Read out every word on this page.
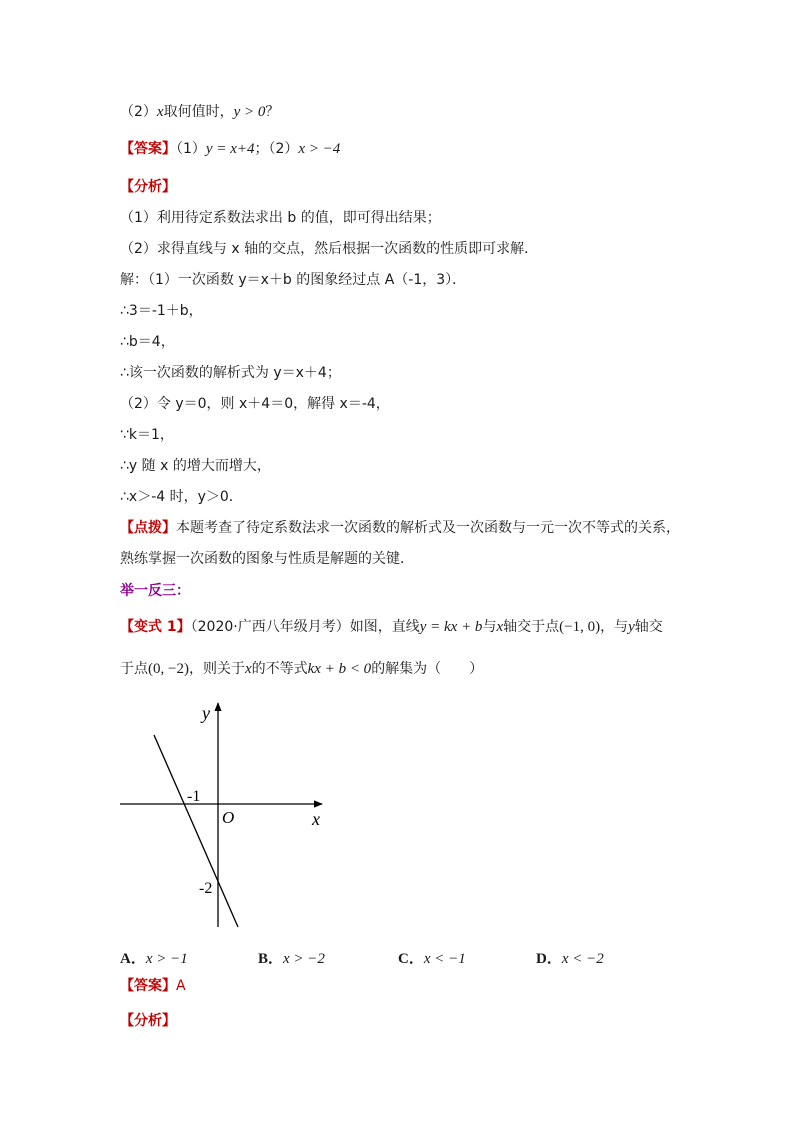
（2）x取何值时，y > 0？
【答案】（1）y = x+4；（2）x > −4
【分析】
（1）利用待定系数法求出 b 的值，即可得出结果；
（2）求得直线与 x 轴的交点，然后根据一次函数的性质即可求解．
解：（1）一次函数 y＝x＋b 的图象经过点 A（-1，3）．
∴3＝-1＋b，
∴b＝4，
∴该一次函数的解析式为 y＝x＋4；
（2）令 y＝0，则 x＋4＝0，解得 x＝-4，
∵k＝1，
∴y 随 x 的增大而增大，
∴x＞-4 时，y＞0．
【点拨】本题考查了待定系数法求一次函数的解析式及一次函数与一元一次不等式的关系，
熟练掌握一次函数的图象与性质是解题的关键．
举一反三：
【变式 1】（2020·广西八年级月考）如图，直线y = kx + b与x轴交于点(−1, 0)，与y轴交
于点(0, −2)，则关于x的不等式kx + b < 0的解集为（　　）
y
x
O
-1
-2
A．x > −1	B．x > −2	C．x < −1	D．x < −2
【答案】A
【分析】
